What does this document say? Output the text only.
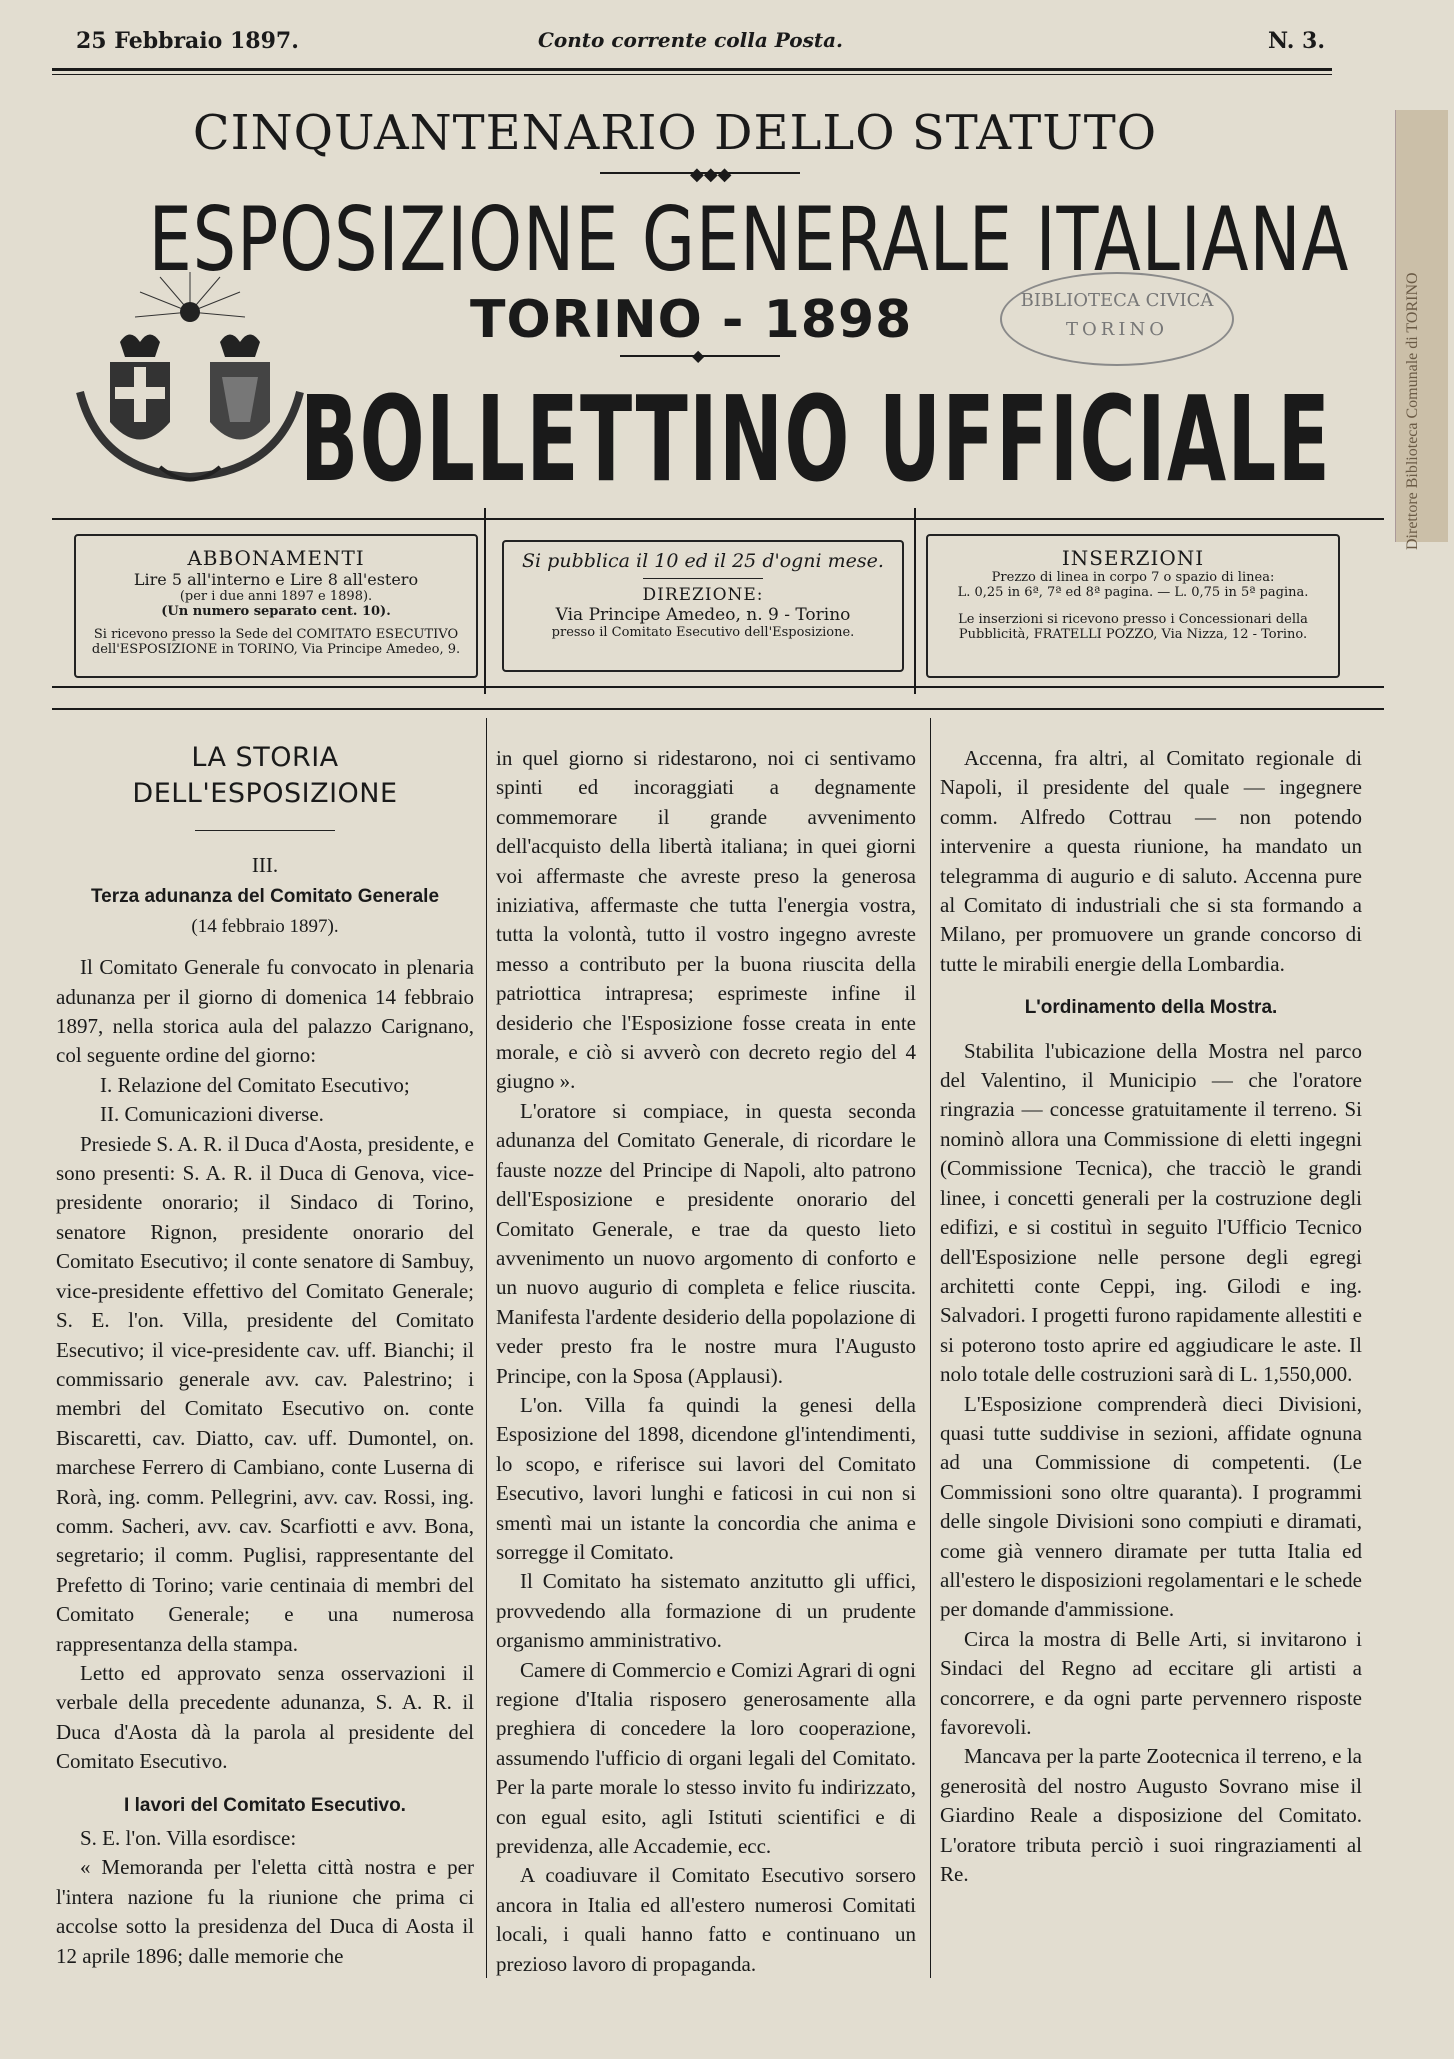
25 Febbraio 1897.	Conto corrente colla Posta.	N. 3.
Direttore Biblioteca Comunale di TORINO
CINQUANTENARIO DELLO STATUTO
◆◆◆
ESPOSIZIONE GENERALE ITALIANA
TORINO - 1898
◆
BOLLETTINO UFFICIALE
BIBLIOTECA CIVICA
TORINO
ABBONAMENTI
Lire 5 all'interno e Lire 8 all'estero
(per i due anni 1897 e 1898).
(Un numero separato cent. 10).
Si ricevono presso la Sede del COMITATO ESECUTIVO
dell'ESPOSIZIONE in TORINO, Via Principe Amedeo, 9.
Si pubblica il 10 ed il 25 d'ogni mese.
DIREZIONE:
Via Principe Amedeo, n. 9 - Torino
presso il Comitato Esecutivo dell'Esposizione.
INSERZIONI
Prezzo di linea in corpo 7 o spazio di linea:
L. 0,25 in 6ª, 7ª ed 8ª pagina. — L. 0,75 in 5ª pagina.
Le inserzioni si ricevono presso i Concessionari della
Pubblicità, FRATELLI POZZO, Via Nizza, 12 - Torino.
LA STORIA DELL'ESPOSIZIONE
III.
Terza adunanza del Comitato Generale
(14 febbraio 1897).

Il Comitato Generale fu convocato in plenaria adunanza per il giorno di domenica 14 febbraio 1897, nella storica aula del palazzo Carignano, col seguente ordine del giorno:

I. Relazione del Comitato Esecutivo;

II. Comunicazioni diverse.

Presiede S. A. R. il Duca d'Aosta, presidente, e sono presenti: S. A. R. il Duca di Genova, vice-presidente onorario; il Sindaco di Torino, senatore Rignon, presidente onorario del Comitato Esecutivo; il conte senatore di Sambuy, vice-presidente effettivo del Comitato Generale; S. E. l'on. Villa, presidente del Comitato Esecutivo; il vice-presidente cav. uff. Bianchi; il commissario generale avv. cav. Palestrino; i membri del Comitato Esecutivo on. conte Biscaretti, cav. Diatto, cav. uff. Dumontel, on. marchese Ferrero di Cambiano, conte Luserna di Rorà, ing. comm. Pellegrini, avv. cav. Rossi, ing. comm. Sacheri, avv. cav. Scarfiotti e avv. Bona, segretario; il comm. Puglisi, rappresentante del Prefetto di Torino; varie centinaia di membri del Comitato Generale; e una numerosa rappresentanza della stampa.

Letto ed approvato senza osservazioni il verbale della precedente adunanza, S. A. R. il Duca d'Aosta dà la parola al presidente del Comitato Esecutivo.

I lavori del Comitato Esecutivo.

S. E. l'on. Villa esordisce:

« Memoranda per l'eletta città nostra e per l'intera nazione fu la riunione che prima ci accolse sotto la presidenza del Duca di Aosta il 12 aprile 1896; dalle memorie che

in quel giorno si ridestarono, noi ci sentivamo spinti ed incoraggiati a degnamente commemorare il grande avvenimento dell'acquisto della libertà italiana; in quei giorni voi affermaste che avreste preso la generosa iniziativa, affermaste che tutta l'energia vostra, tutta la volontà, tutto il vostro ingegno avreste messo a contributo per la buona riuscita della patriottica intrapresa; esprimeste infine il desiderio che l'Esposizione fosse creata in ente morale, e ciò si avverò con decreto regio del 4 giugno ».

L'oratore si compiace, in questa seconda adunanza del Comitato Generale, di ricordare le fauste nozze del Principe di Napoli, alto patrono dell'Esposizione e presidente onorario del Comitato Generale, e trae da questo lieto avvenimento un nuovo argomento di conforto e un nuovo augurio di completa e felice riuscita. Manifesta l'ardente desiderio della popolazione di veder presto fra le nostre mura l'Augusto Principe, con la Sposa (Applausi).

L'on. Villa fa quindi la genesi della Esposizione del 1898, dicendone gl'intendimenti, lo scopo, e riferisce sui lavori del Comitato Esecutivo, lavori lunghi e faticosi in cui non si smentì mai un istante la concordia che anima e sorregge il Comitato.

Il Comitato ha sistemato anzitutto gli uffici, provvedendo alla formazione di un prudente organismo amministrativo.

Camere di Commercio e Comizi Agrari di ogni regione d'Italia risposero generosamente alla preghiera di concedere la loro cooperazione, assumendo l'ufficio di organi legali del Comitato. Per la parte morale lo stesso invito fu indirizzato, con egual esito, agli Istituti scientifici e di previdenza, alle Accademie, ecc.

A coadiuvare il Comitato Esecutivo sorsero ancora in Italia ed all'estero numerosi Comitati locali, i quali hanno fatto e continuano un prezioso lavoro di propaganda.

Accenna, fra altri, al Comitato regionale di Napoli, il presidente del quale — ingegnere comm. Alfredo Cottrau — non potendo intervenire a questa riunione, ha mandato un telegramma di augurio e di saluto. Accenna pure al Comitato di industriali che si sta formando a Milano, per promuovere un grande concorso di tutte le mirabili energie della Lombardia.

L'ordinamento della Mostra.

Stabilita l'ubicazione della Mostra nel parco del Valentino, il Municipio — che l'oratore ringrazia — concesse gratuitamente il terreno. Si nominò allora una Commissione di eletti ingegni (Commissione Tecnica), che tracciò le grandi linee, i concetti generali per la costruzione degli edifizi, e si costituì in seguito l'Ufficio Tecnico dell'Esposizione nelle persone degli egregi architetti conte Ceppi, ing. Gilodi e ing. Salvadori. I progetti furono rapidamente allestiti e si poterono tosto aprire ed aggiudicare le aste. Il nolo totale delle costruzioni sarà di L. 1,550,000.

L'Esposizione comprenderà dieci Divisioni, quasi tutte suddivise in sezioni, affidate ognuna ad una Commissione di competenti. (Le Commissioni sono oltre quaranta). I programmi delle singole Divisioni sono compiuti e diramati, come già vennero diramate per tutta Italia ed all'estero le disposizioni regolamentari e le schede per domande d'ammissione.

Circa la mostra di Belle Arti, si invitarono i Sindaci del Regno ad eccitare gli artisti a concorrere, e da ogni parte pervennero risposte favorevoli.

Mancava per la parte Zootecnica il terreno, e la generosità del nostro Augusto Sovrano mise il Giardino Reale a disposizione del Comitato. L'oratore tributa perciò i suoi ringraziamenti al Re.
